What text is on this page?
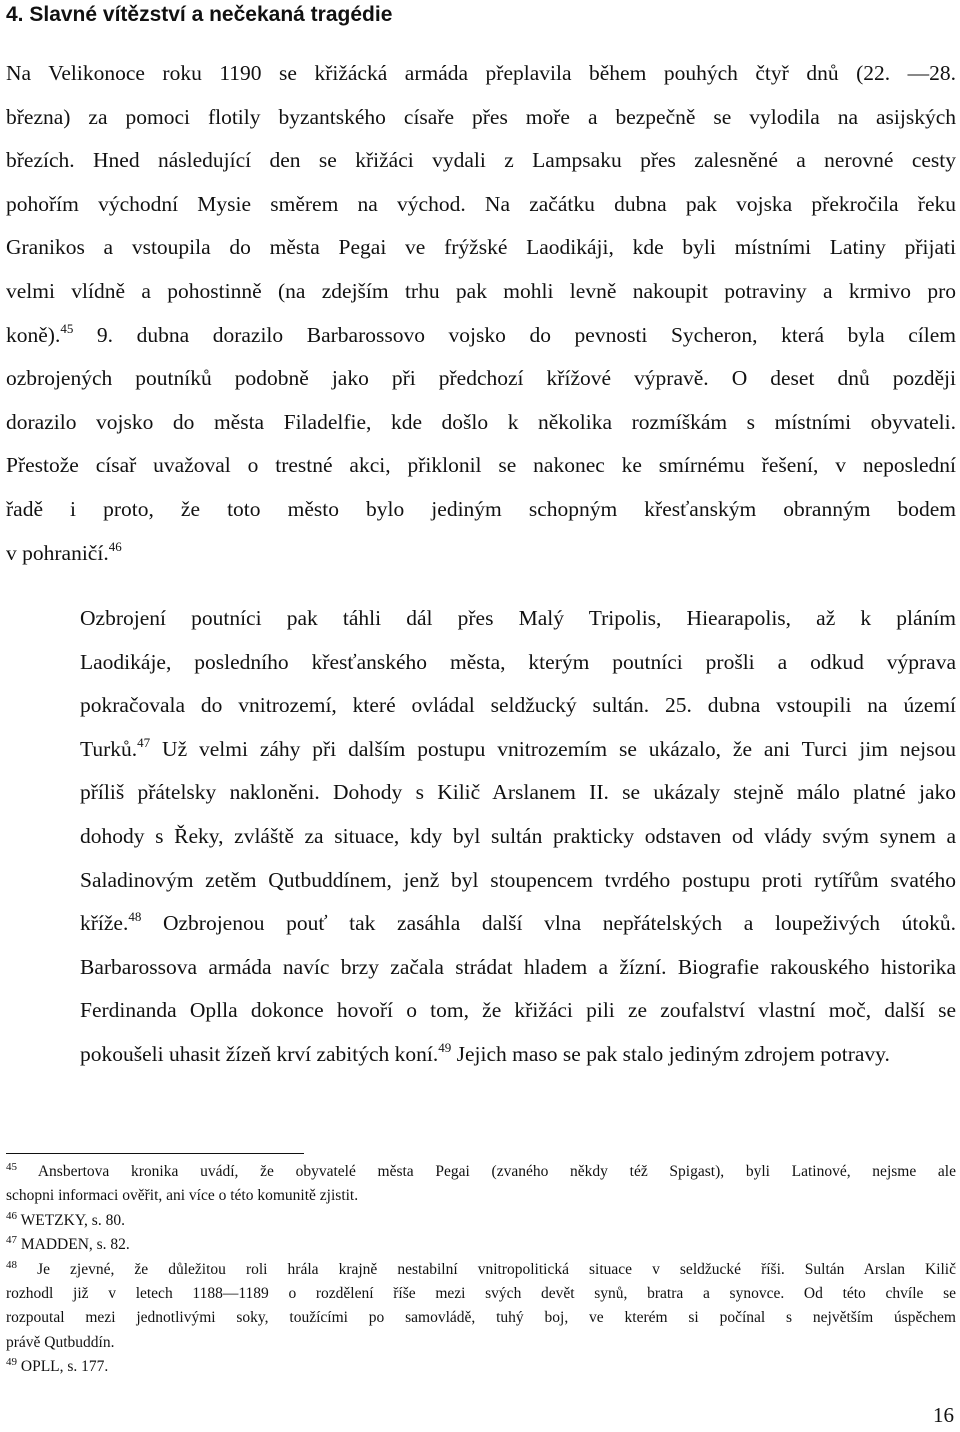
4. Slavné vítězství a nečekaná tragédie
Na Velikonoce roku 1190 se křižácká armáda přeplavila během pouhých čtyř dnů (22. ―28.
března) za pomoci flotily byzantského císaře přes moře a bezpečně se vylodila na asijských
březích. Hned následující den se křižáci vydali z Lampsaku přes zalesněné a nerovné cesty
pohořím východní Mysie směrem na východ. Na začátku dubna pak vojska překročila řeku
Granikos a vstoupila do města Pegai ve frýžské Laodikáji, kde byli místními Latiny přijati
velmi vlídně a pohostinně (na zdejším trhu pak mohli levně nakoupit potraviny a krmivo pro
koně).$^{45}$ 9. dubna dorazilo Barbarossovo vojsko do pevnosti Sycheron, která byla cílem
ozbrojených poutníků podobně jako při předchozí křížové výpravě. O deset dnů později
dorazilo vojsko do města Filadelfie, kde došlo k několika rozmíškám s místními obyvateli.
Přestože císař uvažoval o trestné akci, přiklonil se nakonec ke smírnému řešení, v neposlední
řadě i proto, že toto město bylo jediným schopným křesťanským obranným bodem
v pohraničí.$^{46}$
Ozbrojení poutníci pak táhli dál přes Malý Tripolis, Hiearapolis, až k pláním
Laodikáje, posledního křesťanského města, kterým poutníci prošli a odkud výprava
pokračovala do vnitrozemí, které ovládal seldžucký sultán. 25. dubna vstoupili na území
Turků.$^{47}$ Už velmi záhy při dalším postupu vnitrozemím se ukázalo, že ani Turci jim nejsou
příliš přátelsky nakloněni. Dohody s Kilič Arslanem II. se ukázaly stejně málo platné jako
dohody s Řeky, zvláště za situace, kdy byl sultán prakticky odstaven od vlády svým synem a
Saladinovým zetěm Qutbuddínem, jenž byl stoupencem tvrdého postupu proti rytířům svatého
kříže.$^{48}$ Ozbrojenou pouť tak zasáhla další vlna nepřátelských a loupeživých útoků.
Barbarossova armáda navíc brzy začala strádat hladem a žízní. Biografie rakouského historika
Ferdinanda Oplla dokonce hovoří o tom, že křižáci pili ze zoufalství vlastní moč, další se
pokoušeli uhasit žízeň krví zabitých koní.$^{49}$ Jejich maso se pak stalo jediným zdrojem potravy.
$^{45}$ Ansbertova kronika uvádí, že obyvatelé města Pegai (zvaného někdy též Spigast), byli Latinové, nejsme ale
schopni informaci ověřit, ani více o této komunitě zjistit.
$^{46}$ WETZKY, s. 80.
$^{47}$ MADDEN, s. 82.
$^{48}$ Je zjevné, že důležitou roli hrála krajně nestabilní vnitropolitická situace v seldžucké říši. Sultán Arslan Kilič
rozhodl již v letech 1188―1189 o rozdělení říše mezi svých devět synů, bratra a synovce. Od této chvíle se
rozpoutal mezi jednotlivými soky, toužícími po samovládě, tuhý boj, ve kterém si počínal s největším úspěchem
právě Qutbuddín.
$^{49}$ OPLL, s. 177.
16
